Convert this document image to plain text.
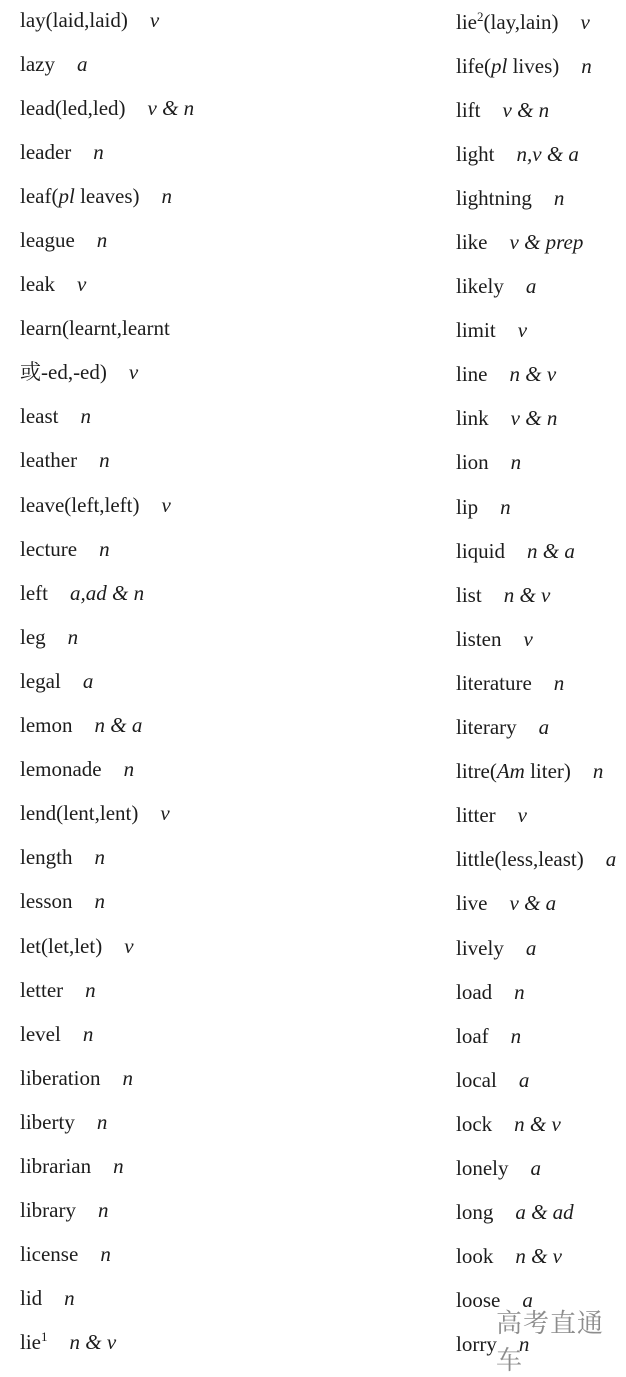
lay(laid,laid) v
lazy a
lead(led,led) v & n
leader n
leaf(pl leaves) n
league n
leak v
learn(learnt,learnt
或-ed,-ed) v
least n
leather n
leave(left,left) v
lecture n
left a,ad & n
leg n
legal a
lemon n & a
lemonade n
lend(lent,lent) v
length n
lesson n
let(let,let) v
letter n
level n
liberation n
liberty n
librarian n
library n
license n
lid n
lie$^1$ n & v
lie$^2$(lay,lain) v
life(pl lives) n
lift v & n
light n,v & a
lightning n
like v & prep
likely a
limit v
line n & v
link v & n
lion n
lip n
liquid n & a
list n & v
listen v
literature n
literary a
litre(Am liter) n
litter v
little(less,least) a
live v & a
lively a
load n
loaf n
local a
lock n & v
lonely a
long a & ad
look n & v
loose a
lorry n
高考直通车
